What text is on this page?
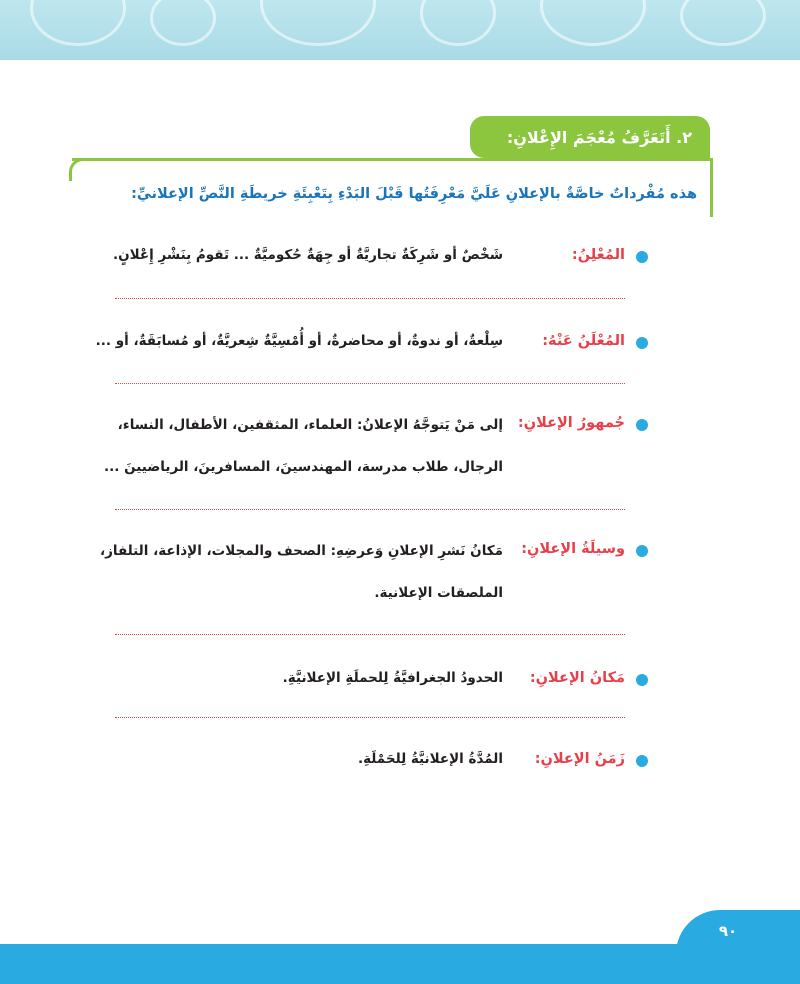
٢. أَتَعَرَّفُ مُعْجَمَ الإِعْلانِ:
هذه مُفْرداتٌ خاصَّةٌ بالإعلانِ عَلَيَّ مَعْرِفَتُها قَبْلَ البَدْءِ بِتَعْبِئَةِ خريطَةِ النَّصِّ الإعلانيِّ:
المُعْلِنُ:
شَخْصٌ أو شَرِكَةٌ تجاريَّةٌ أو جِهَةٌ حُكوميَّةٌ ... تَقومُ بِنَشْرِ إِعْلانٍ.
المُعْلَنُ عَنْهُ:
سِلْعةٌ، أو ندوةٌ، أو محاضرةٌ، أو أُمْسِيَّةٌ شِعريَّةٌ، أو مُسابَقَةٌ، أو ...
جُمهورُ الإعلانِ:
إلى مَنْ يَتوجَّهُ الإعلانُ: العلماء، المثقفين، الأطفال، النساء،
الرجال، طلاب مدرسة، المهندسينَ، المسافرينَ، الرياضيينَ ...
وسيلَةُ الإعلانِ:
مَكانُ نَشرِ الإعلانِ وَعرضِهِ: الصحف والمجلات، الإذاعة، التلفاز،
الملصقات الإعلانية.
مَكانُ الإعلانِ:
الحدودُ الجغرافيَّةُ لِلحملَةِ الإعلانيَّةِ.
زَمَنُ الإعلانِ:
المُدَّةُ الإعلانيَّةُ لِلحَمْلَةِ.
٩٠
